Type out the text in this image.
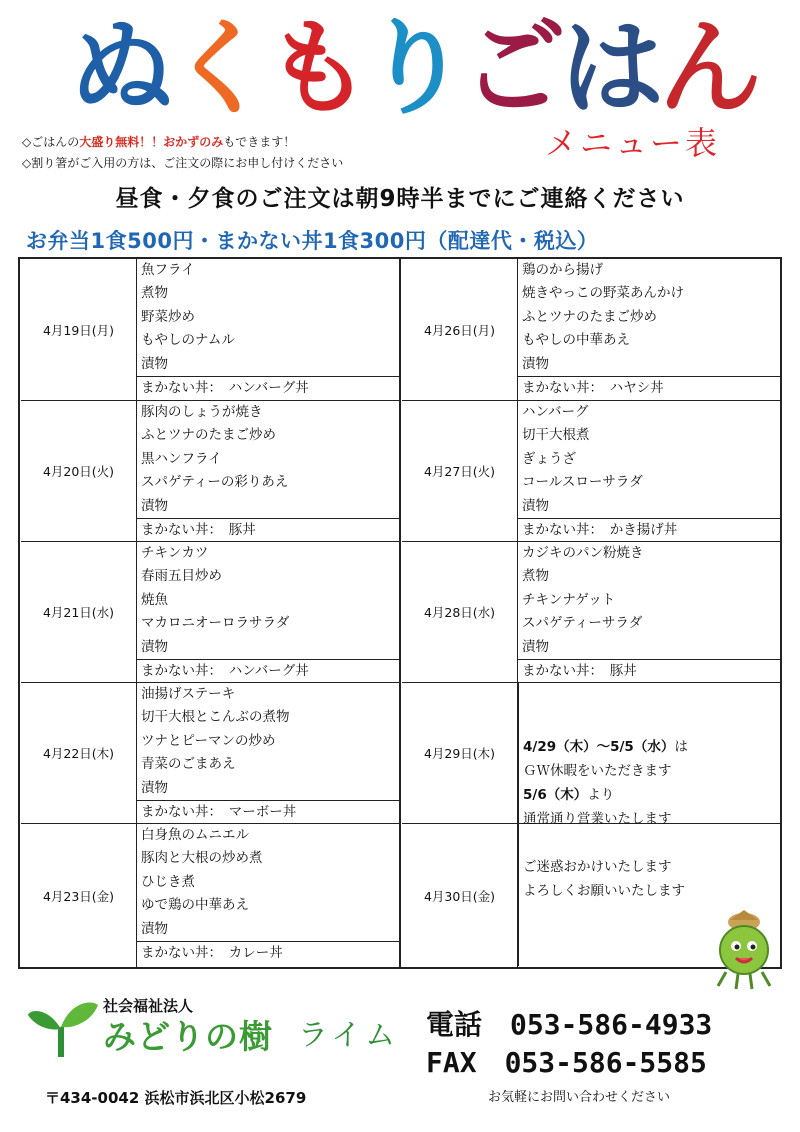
ぬくもりごはん
メニュー表
◇ごはんの大盛り無料！！おかずのみもできます！
◇割り箸がご入用の方は、ご注文の際にお申し付けください
昼食・夕食のご注文は朝9時半までにご連絡ください
お弁当1食500円・まかない丼1食300円（配達代・税込）
4月19日(月)
魚フライ
煮物
野菜炒め
もやしのナムル
漬物
まかない丼：　ハンバーグ丼
4月20日(火)
豚肉のしょうが焼き
ふとツナのたまご炒め
黒ハンフライ
スパゲティーの彩りあえ
漬物
まかない丼：　豚丼
4月21日(水)
チキンカツ
春雨五目炒め
焼魚
マカロニオーロラサラダ
漬物
まかない丼：　ハンバーグ丼
4月22日(木)
油揚げステーキ
切干大根とこんぶの煮物
ツナとピーマンの炒め
青菜のごまあえ
漬物
まかない丼：　マーボー丼
4月23日(金)
白身魚のムニエル
豚肉と大根の炒め煮
ひじき煮
ゆで鶏の中華あえ
漬物
まかない丼：　カレー丼
4月26日(月)
鶏のから揚げ
焼きやっこの野菜あんかけ
ふとツナのたまご炒め
もやしの中華あえ
漬物
まかない丼：　ハヤシ丼
4月27日(火)
ハンバーグ
切干大根煮
ぎょうざ
コールスローサラダ
漬物
まかない丼：　かき揚げ丼
4月28日(水)
カジキのパン粉焼き
煮物
チキンナゲット
スパゲティーサラダ
漬物
まかない丼：　豚丼
4月29日(木)
4月30日(金)
4/29（木）～5/5（水）は
ＧＷ休暇をいただきます
5/6（木）より
通常通り営業いたします
ご迷惑おかけいたします
よろしくお願いいたします
社会福祉法人
みどりの樹 ライム 電話　053-586-4933
FAX　053-586-5585
〒434-0042 浜松市浜北区小松2679	お気軽にお問い合わせください
